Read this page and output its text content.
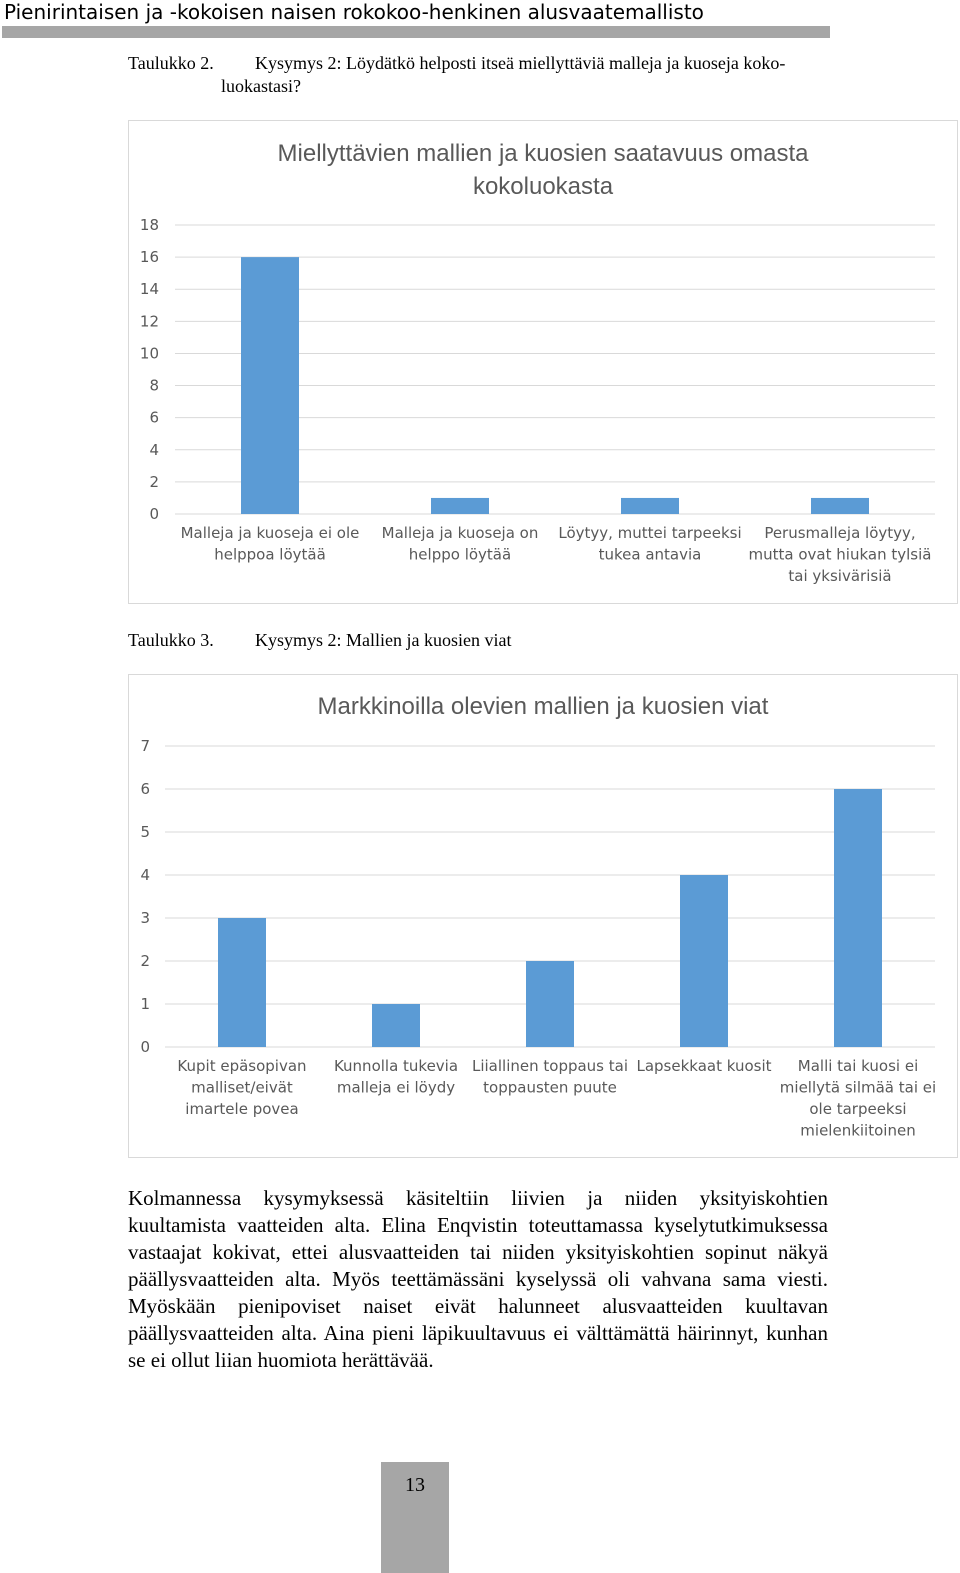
Pienirintaisen ja -kokoisen naisen rokokoo-henkinen alusvaatemallisto
Taulukko 2. Kysymys 2: Löydätkö helposti itseä miellyttäviä malleja ja kuoseja koko-
luokastasi?
Miellyttävien mallien ja kuosien saatavuus omasta
kokoluokasta
0
2
4
6
8
10
12
14
16
18
Malleja ja kuoseja ei ole
helppoa löytää
Malleja ja kuoseja on
helppo löytää
Löytyy, muttei tarpeeksi
tukea antavia
Perusmalleja löytyy,
mutta ovat hiukan tylsiä
tai yksivärisiä
Taulukko 3. Kysymys 2: Mallien ja kuosien viat
Markkinoilla olevien mallien ja kuosien viat
0
1
2
3
4
5
6
7
Kupit epäsopivan
malliset/eivät
imartele povea
Kunnolla tukevia
malleja ei löydy
Liiallinen toppaus tai
toppausten puute
Lapsekkaat kuosit Malli tai kuosi ei
miellytä silmää tai ei
ole tarpeeksi
mielenkiitoinen
Kolmannessa kysymyksessä käsiteltiin liivien ja niiden yksityiskohtien kuultamista vaatteiden alta. Elina Enqvistin toteuttamassa kyselytutkimuksessa vastaajat kokivat, ettei alusvaatteiden tai niiden yksityiskohtien sopinut näkyä päällysvaatteiden alta. Myös teettämässäni kyselyssä oli vahvana sama viesti. Myöskään pienipoviset naiset eivät halunneet alusvaatteiden kuultavan päällysvaatteiden alta. Aina pieni läpikuultavuus ei välttämättä häirinnyt, kunhan se ei ollut liian huomiota herättävää.
13
